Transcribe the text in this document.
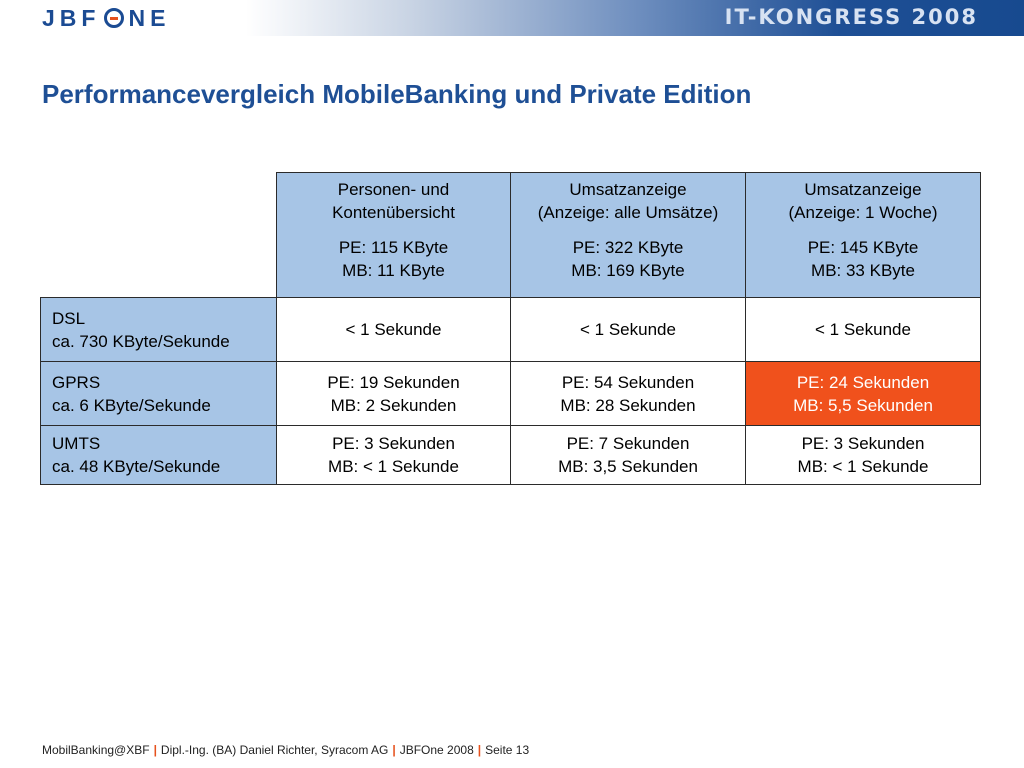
JBF NE	IT-KONGRESS 2008
Performancevergleich MobileBanking und Private Edition

	Personen- und
Kontenübersicht
PE: 115 KByte
MB: 11 KByte	Umsatzanzeige
(Anzeige: alle Umsätze)
PE: 322 KByte
MB: 169 KByte	Umsatzanzeige
(Anzeige: 1 Woche)
PE: 145 KByte
MB: 33 KByte

DSL
ca. 730 KByte/Sekunde	< 1 Sekunde	< 1 Sekunde	< 1 Sekunde

GPRS
ca. 6 KByte/Sekunde	PE: 19 Sekunden
MB: 2 Sekunden	PE: 54 Sekunden
MB: 28 Sekunden	PE: 24 Sekunden
MB: 5,5 Sekunden

UMTS
ca. 48 KByte/Sekunde	PE: 3 Sekunden
MB: < 1 Sekunde	PE: 7 Sekunden
MB: 3,5 Sekunden	PE: 3 Sekunden
MB: < 1 Sekunde
MobilBanking@XBF | Dipl.-Ing. (BA) Daniel Richter, Syracom AG | JBFOne 2008 | Seite 13
